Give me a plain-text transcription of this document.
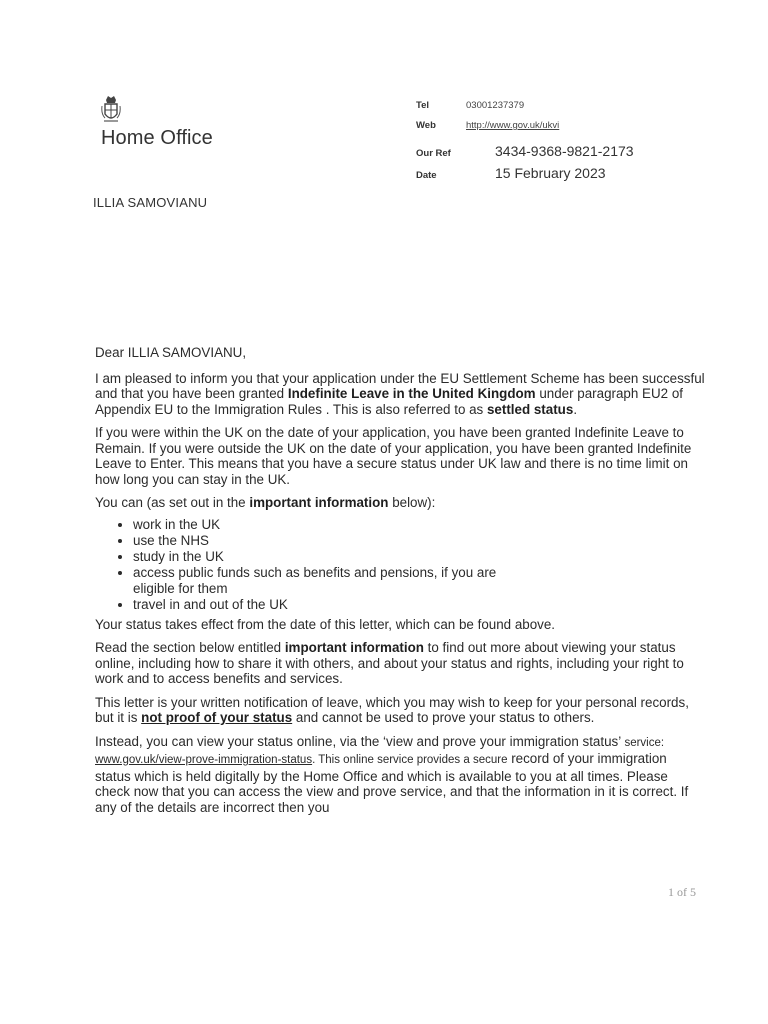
Home Office
Tel	03001237379
Web	http://www.gov.uk/ukvi
Our Ref	3434-9368-9821-2173
Date	15 February 2023
ILLIA SAMOVIANU

Dear ILLIA SAMOVIANU,

I am pleased to inform you that your application under the EU Settlement Scheme has been successful and that you have been granted Indefinite Leave in the United Kingdom under paragraph EU2 of Appendix EU to the Immigration Rules . This is also referred to as settled status.

If you were within the UK on the date of your application, you have been granted Indefinite Leave to Remain. If you were outside the UK on the date of your application, you have been granted Indefinite Leave to Enter. This means that you have a secure status under UK law and there is no time limit on how long you can stay in the UK.

You can (as set out in the important information below):

• work in the UK
• use the NHS
• study in the UK
• access public funds such as benefits and pensions, if you are eligible for them
• travel in and out of the UK

Your status takes effect from the date of this letter, which can be found above.

Read the section below entitled important information to find out more about viewing your status online, including how to share it with others, and about your status and rights, including your right to work and to access benefits and services.

This letter is your written notification of leave, which you may wish to keep for your personal records, but it is not proof of your status and cannot be used to prove your status to others.

Instead, you can view your status online, via the ‘view and prove your immigration status’ service: www.gov.uk/view-prove-immigration-status. This online service provides a secure record of your immigration status which is held digitally by the Home Office and which is available to you at all times. Please check now that you can access the view and prove service, and that the information in it is correct. If any of the details are incorrect then you

1 of 5
